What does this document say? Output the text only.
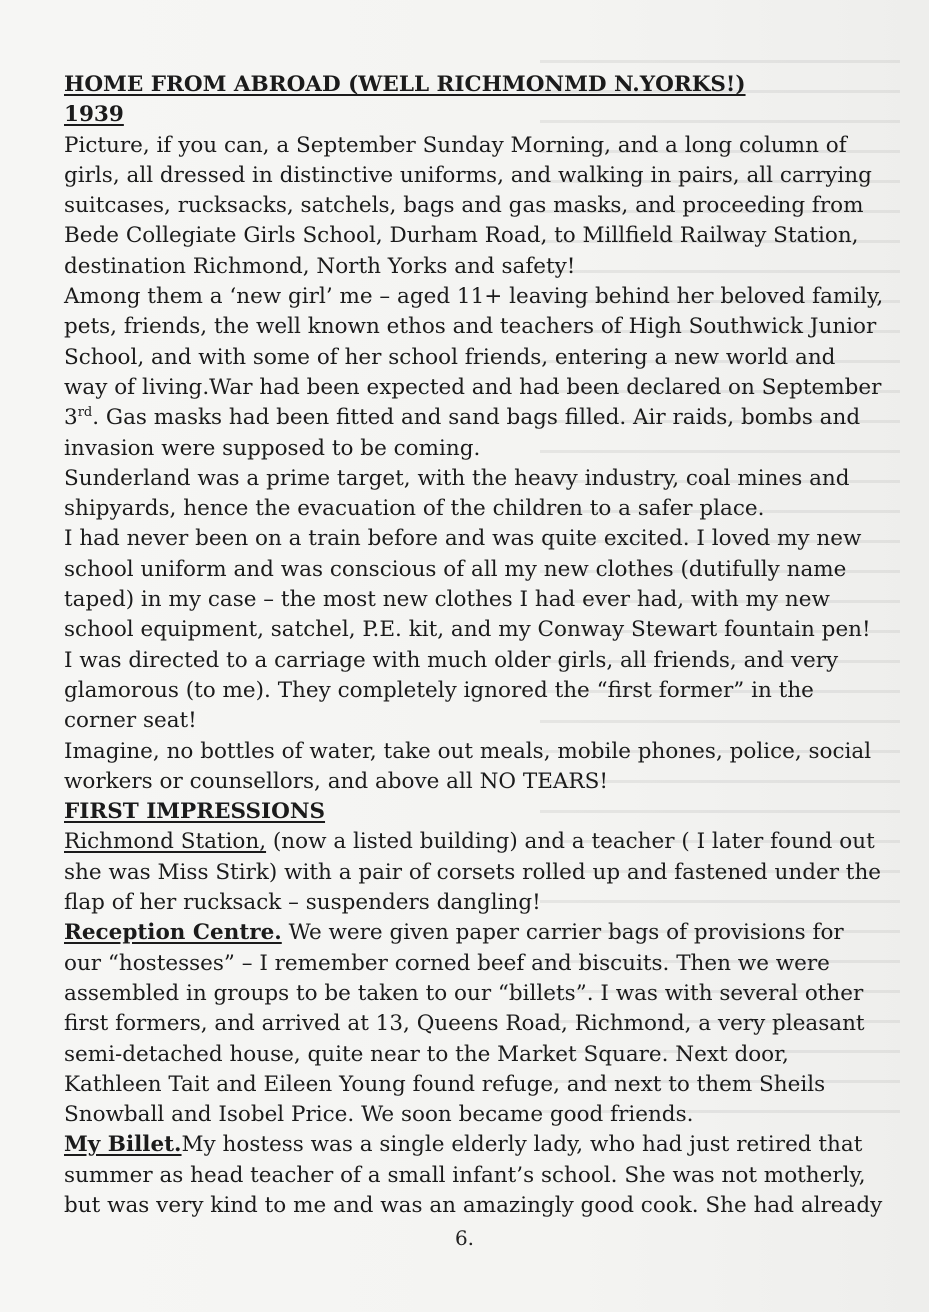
HOME FROM ABROAD (WELL RICHMONMD N.YORKS!)

1939

Picture, if you can, a September Sunday Morning, and a long column of girls, all dressed in distinctive uniforms, and walking in pairs, all carrying suitcases, rucksacks, satchels, bags and gas masks, and proceeding from Bede Collegiate Girls School, Durham Road, to Millfield Railway Station, destination Richmond, North Yorks and safety!

Among them a ‘new girl’ me – aged 11+ leaving behind her beloved family, pets, friends, the well known ethos and teachers of High Southwick Junior School, and with some of her school friends, entering a new world and way of living.War had been expected and had been declared on September 3rd. Gas masks had been fitted and sand bags filled. Air raids, bombs and invasion were supposed to be coming.

Sunderland was a prime target, with the heavy industry, coal mines and shipyards, hence the evacuation of the children to a safer place.

I had never been on a train before and was quite excited. I loved my new school uniform and was conscious of all my new clothes (dutifully name taped) in my case – the most new clothes I had ever had, with my new school equipment, satchel, P.E. kit, and my Conway Stewart fountain pen!

I was directed to a carriage with much older girls, all friends, and very glamorous (to me). They completely ignored the “first former” in the corner seat!

Imagine, no bottles of water, take out meals, mobile phones, police, social workers or counsellors, and above all NO TEARS!

FIRST IMPRESSIONS

Richmond Station, (now a listed building) and a teacher ( I later found out she was Miss Stirk) with a pair of corsets rolled up and fastened under the flap of her rucksack – suspenders dangling!

Reception Centre. We were given paper carrier bags of provisions for our “hostesses” – I remember corned beef and biscuits. Then we were assembled in groups to be taken to our “billets”. I was with several other first formers, and arrived at 13, Queens Road, Richmond, a very pleasant semi-detached house, quite near to the Market Square. Next door, Kathleen Tait and Eileen Young found refuge, and next to them Sheils Snowball and Isobel Price. We soon became good friends.

My Billet.My hostess was a single elderly lady, who had just retired that summer as head teacher of a small infant’s school. She was not motherly, but was very kind to me and was an amazingly good cook. She had already

6.
